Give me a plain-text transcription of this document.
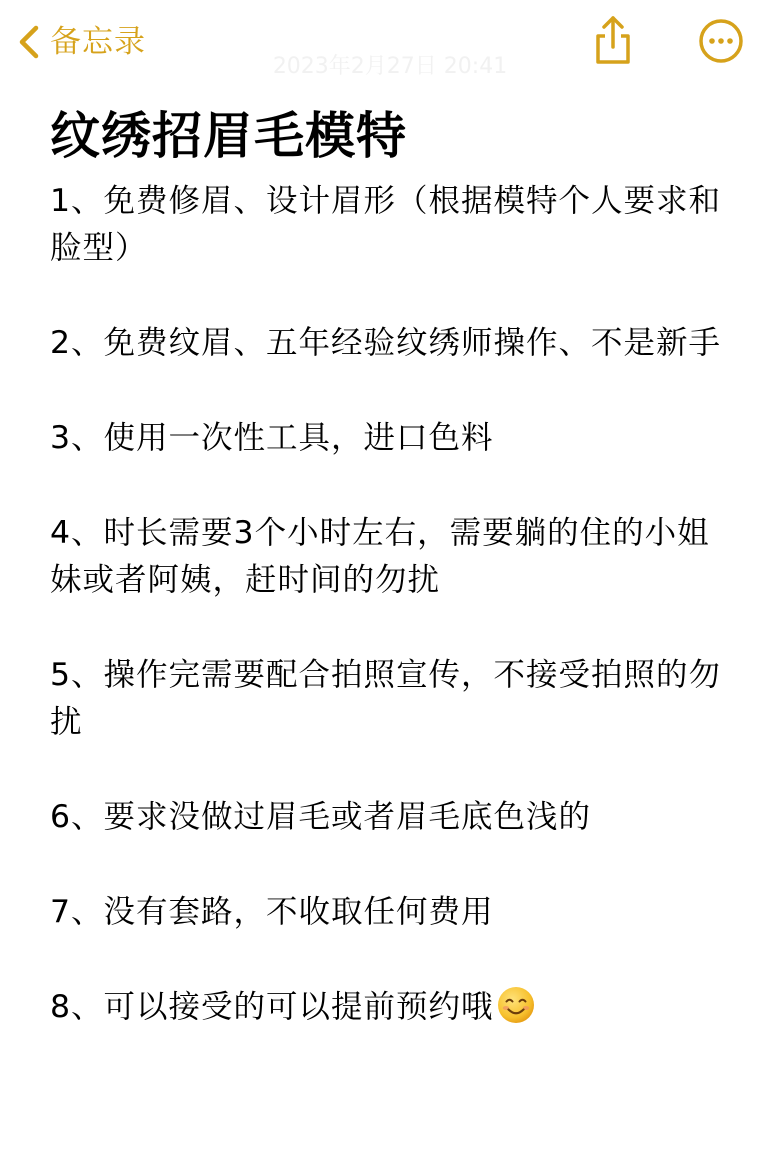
备忘录
2023年2月27日 20:41
纹绣招眉毛模特

1、免费修眉、设计眉形（根据模特个人要求和脸型）

2、免费纹眉、五年经验纹绣师操作、不是新手

3、使用一次性工具，进口色料

4、时长需要3个小时左右，需要躺的住的小姐妹或者阿姨，赶时间的勿扰

5、操作完需要配合拍照宣传，不接受拍照的勿扰

6、要求没做过眉毛或者眉毛底色浅的

7、没有套路，不收取任何费用

8、可以接受的可以提前预约哦
